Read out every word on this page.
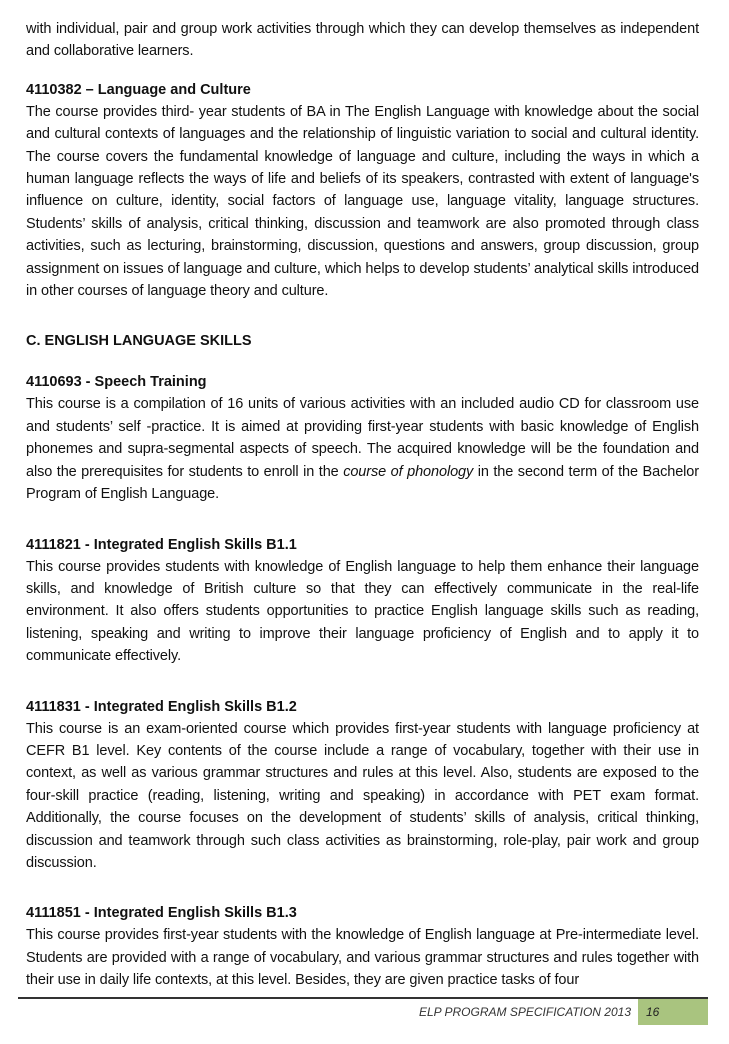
with individual, pair and group work activities through which they can develop themselves as independent and collaborative learners.

4110382 – Language and Culture

The course provides third- year students of BA in The English Language with knowledge about the social and cultural contexts of languages and the relationship of linguistic variation to social and cultural identity. The course covers the fundamental knowledge of language and culture, including the ways in which a human language reflects the ways of life and beliefs of its speakers, contrasted with extent of language's influence on culture, identity, social factors of language use, language vitality, language structures. Students’ skills of analysis, critical thinking, discussion and teamwork are also promoted through class activities, such as lecturing, brainstorming, discussion, questions and answers, group discussion, group assignment on issues of language and culture, which helps to develop students’ analytical skills introduced in other courses of language theory and culture.

C. ENGLISH LANGUAGE SKILLS

4110693 - Speech Training

This course is a compilation of 16 units of various activities with an included audio CD for classroom use and students’ self -practice. It is aimed at providing first-year students with basic knowledge of English phonemes and supra-segmental aspects of speech. The acquired knowledge will be the foundation and also the prerequisites for students to enroll in the course of phonology in the second term of the Bachelor Program of English Language.

4111821 - Integrated English Skills B1.1

This course provides students with knowledge of English language to help them enhance their language skills, and knowledge of British culture so that they can effectively communicate in the real-life environment. It also offers students opportunities to practice English language skills such as reading, listening, speaking and writing to improve their language proficiency of English and to apply it to communicate effectively.

4111831 - Integrated English Skills B1.2

This course is an exam-oriented course which provides first-year students with language proficiency at CEFR B1 level. Key contents of the course include a range of vocabulary, together with their use in context, as well as various grammar structures and rules at this level. Also, students are exposed to the four-skill practice (reading, listening, writing and speaking) in accordance with PET exam format. Additionally, the course focuses on the development of students’ skills of analysis, critical thinking, discussion and teamwork through such class activities as brainstorming, role-play, pair work and group discussion.

4111851 - Integrated English Skills B1.3

This course provides first-year students with the knowledge of English language at Pre-intermediate level. Students are provided with a range of vocabulary, and various grammar structures and rules together with their use in daily life contexts, at this level. Besides, they are given practice tasks of four

ELP PROGRAM SPECIFICATION 2013	16
